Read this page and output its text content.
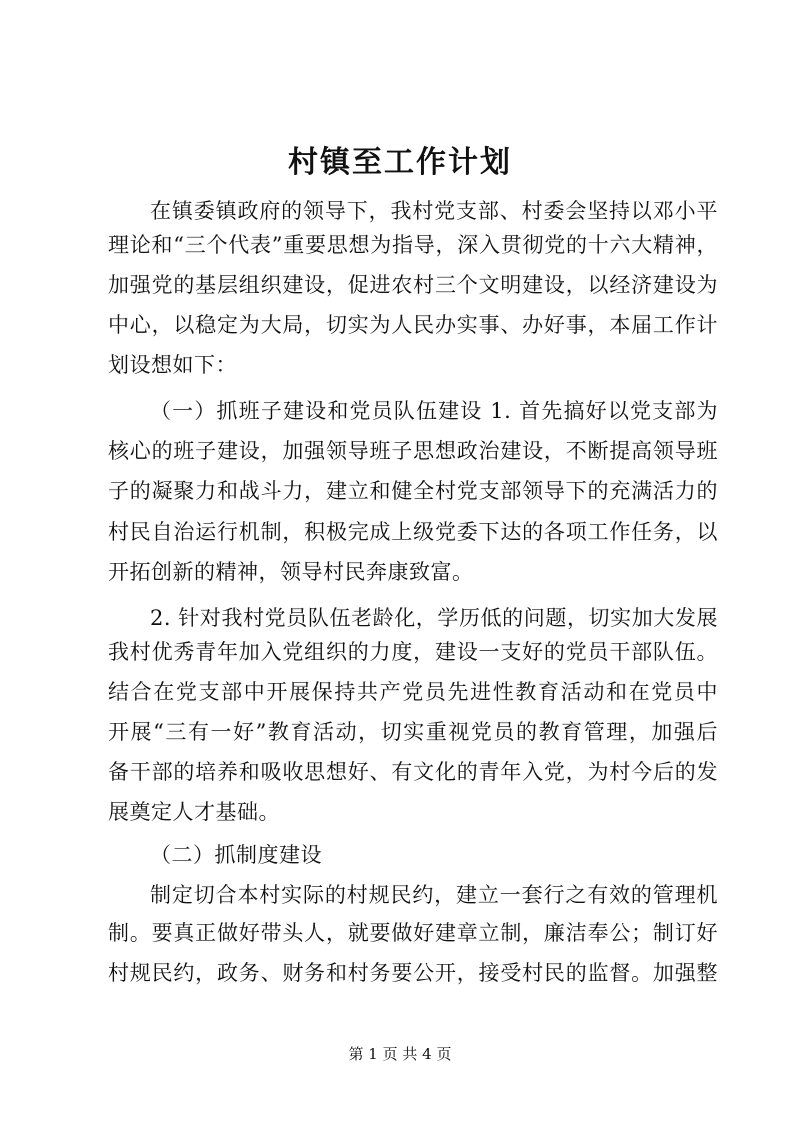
村镇至工作计划
在镇委镇政府的领导下，我村党支部、村委会坚持以邓小平
理论和“三个代表”重要思想为指导，深入贯彻党的十六大精神，
加强党的基层组织建设，促进农村三个文明建设，以经济建设为
中心，以稳定为大局，切实为人民办实事、办好事，本届工作计
划设想如下：
（一）抓班子建设和党员队伍建设 1. 首先搞好以党支部为
核心的班子建设，加强领导班子思想政治建设，不断提高领导班
子的凝聚力和战斗力，建立和健全村党支部领导下的充满活力的
村民自治运行机制，积极完成上级党委下达的各项工作任务，以
开拓创新的精神，领导村民奔康致富。
2. 针对我村党员队伍老龄化，学历低的问题，切实加大发展
我村优秀青年加入党组织的力度，建设一支好的党员干部队伍。
结合在党支部中开展保持共产党员先进性教育活动和在党员中
开展“三有一好”教育活动，切实重视党员的教育管理，加强后
备干部的培养和吸收思想好、有文化的青年入党，为村今后的发
展奠定人才基础。
（二）抓制度建设
制定切合本村实际的村规民约，建立一套行之有效的管理机
制。要真正做好带头人，就要做好建章立制，廉洁奉公；制订好
村规民约，政务、财务和村务要公开，接受村民的监督。加强整
第 1 页 共 4 页
